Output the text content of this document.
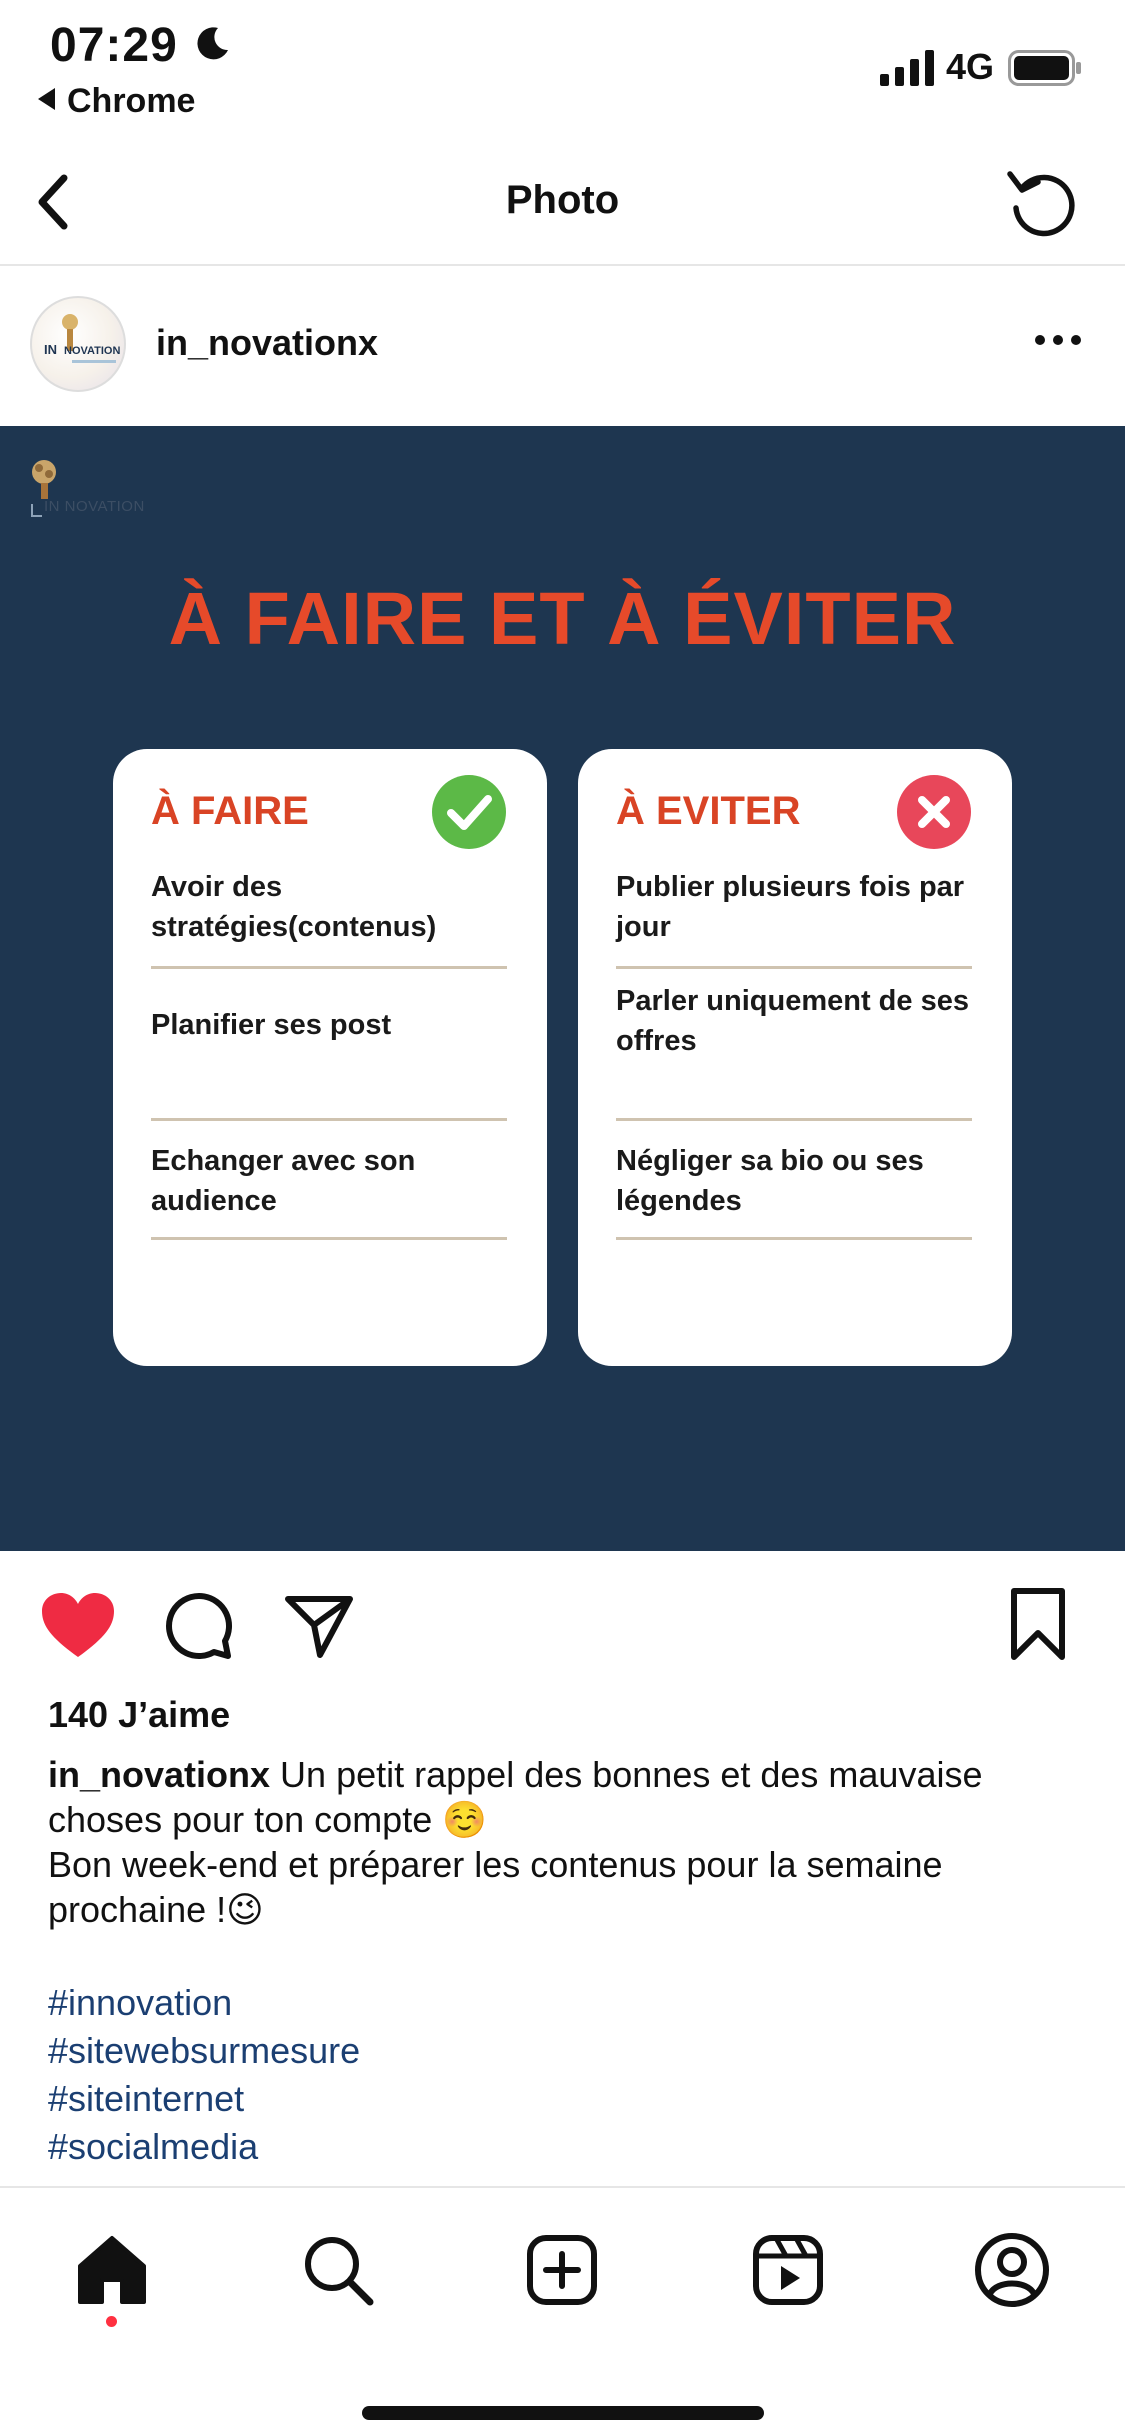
07:29
Chrome
4G
Photo
IN NOVATION in_novationx
IN NOVATION
À FAIRE ET À ÉVITER
À FAIRE
Avoir des stratégies(contenus)
Planifier ses post
Echanger avec son audience
À EVITER
Publier plusieurs fois par jour
Parler uniquement de ses offres
Négliger sa bio ou ses légendes
140 J’aime

in_novationx Un petit rappel des bonnes et des mauvaise choses pour ton compte ☺️

Bon week-end et préparer les contenus pour la semaine prochaine !😉

#innovation
#sitewebsurmesure
#siteinternet
#socialmedia
